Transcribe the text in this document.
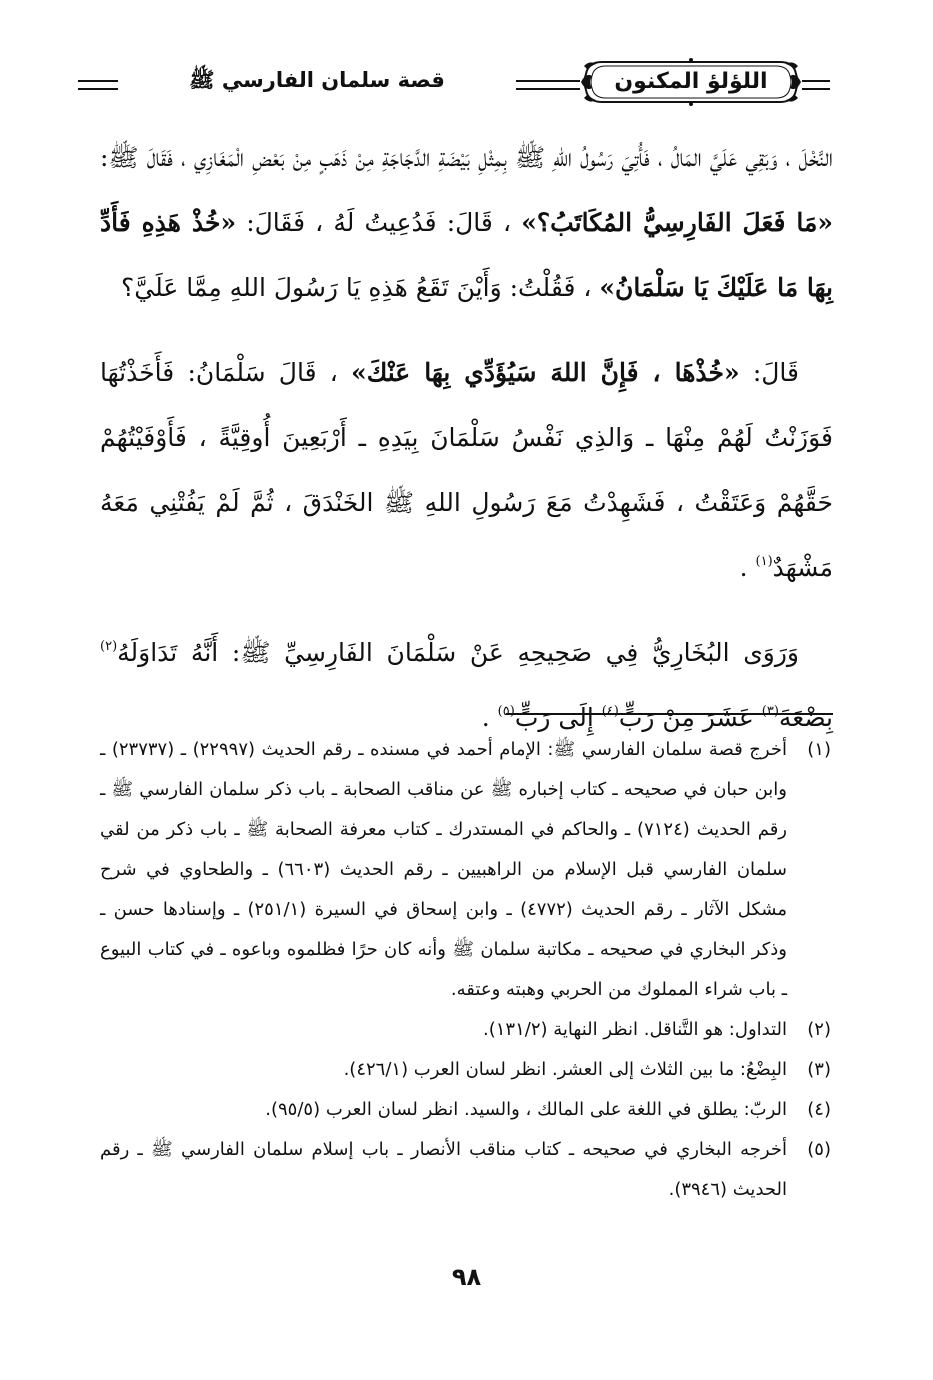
اللؤلؤ المكنون
قصة سلمان الفارسي ﷺ

النَّخْلَ ، وَبَقِي عَلَيَّ المَالُ ، فَأُتِيَ رَسُولُ اللهِ ﷺ بِمِثْلِ بَيْضَةِ الدَّجَاجَةِ مِنْ ذَهَبٍ مِنْ بَعْضِ الْمَغَازِي ، فَقَالَ ﷺ: «مَا فَعَلَ الفَارِسِيُّ المُكَاتَبُ؟» ، قَالَ: فَدُعِيتُ لَهُ ، فَقَالَ: «خُذْ هَذِهِ فَأَدِّ بِهَا مَا عَلَيْكَ يَا سَلْمَانُ» ، فَقُلْتُ: وَأَيْنَ تَقَعُ هَذِهِ يَا رَسُولَ اللهِ مِمَّا عَلَيَّ؟

قَالَ: «خُذْهَا ، فَإِنَّ اللهَ سَيُؤَدِّي بِهَا عَنْكَ» ، قَالَ سَلْمَانُ: فَأَخَذْتُهَا فَوَزَنْتُ لَهُمْ مِنْهَا ـ وَالذِي نَفْسُ سَلْمَانَ بِيَدِهِ ـ أَرْبَعِينَ أُوقِيَّةً ، فَأَوْفَيْتُهُمْ حَقَّهُمْ وَعَتَقْتُ ، فَشَهِدْتُ مَعَ رَسُولِ اللهِ ﷺ الخَنْدَقَ ، ثُمَّ لَمْ يَفُتْنِي مَعَهُ مَشْهَدٌ$^{(١)}$ .

وَرَوَى البُخَارِيُّ فِي صَحِيحِهِ عَنْ سَلْمَانَ الفَارِسِيِّ ﷺ: أَنَّهُ تَدَاوَلَهُ$^{(٢)}$ بِضْعَةَ$^{(٣)}$ عَشَرَ مِنْ رَبٍّ$^{(٤)}$ إِلَى رَبٍّ$^{(٥)}$ .

(١)
أخرج قصة سلمان الفارسي ﷺ: الإمام أحمد في مسنده ـ رقم الحديث (٢٢٩٩٧) ـ (٢٣٧٣٧) ـ وابن حبان في صحيحه ـ كتاب إخباره ﷺ عن مناقب الصحابة ـ باب ذكر سلمان الفارسي ﷺ ـ رقم الحديث (٧١٢٤) ـ والحاكم في المستدرك ـ كتاب معرفة الصحابة ﷺ ـ باب ذكر من لقي سلمان الفارسي قبل الإسلام من الراهبيين ـ رقم الحديث (٦٦٠٣) ـ والطحاوي في شرح مشكل الآثار ـ رقم الحديث (٤٧٧٢) ـ وابن إسحاق في السيرة (٢٥١/١) ـ وإسنادها حسن ـ وذكر البخاري في صحيحه ـ مكاتبة سلمان ﷺ وأنه كان حرًا فظلموه وباعوه ـ في كتاب البيوع ـ باب شراء المملوك من الحربي وهبته وعتقه.
(٢)
التداول: هو التَّناقل. انظر النهاية (١٣١/٢).
(٣)
البِضْعُ: ما بين الثلاث إلى العشر. انظر لسان العرب (٤٢٦/١).
(٤)
الربّ: يطلق في اللغة على المالك ، والسيد. انظر لسان العرب (٩٥/٥).
(٥)
أخرجه البخاري في صحيحه ـ كتاب مناقب الأنصار ـ باب إسلام سلمان الفارسي ﷺ ـ رقم الحديث (٣٩٤٦).
٩٨
